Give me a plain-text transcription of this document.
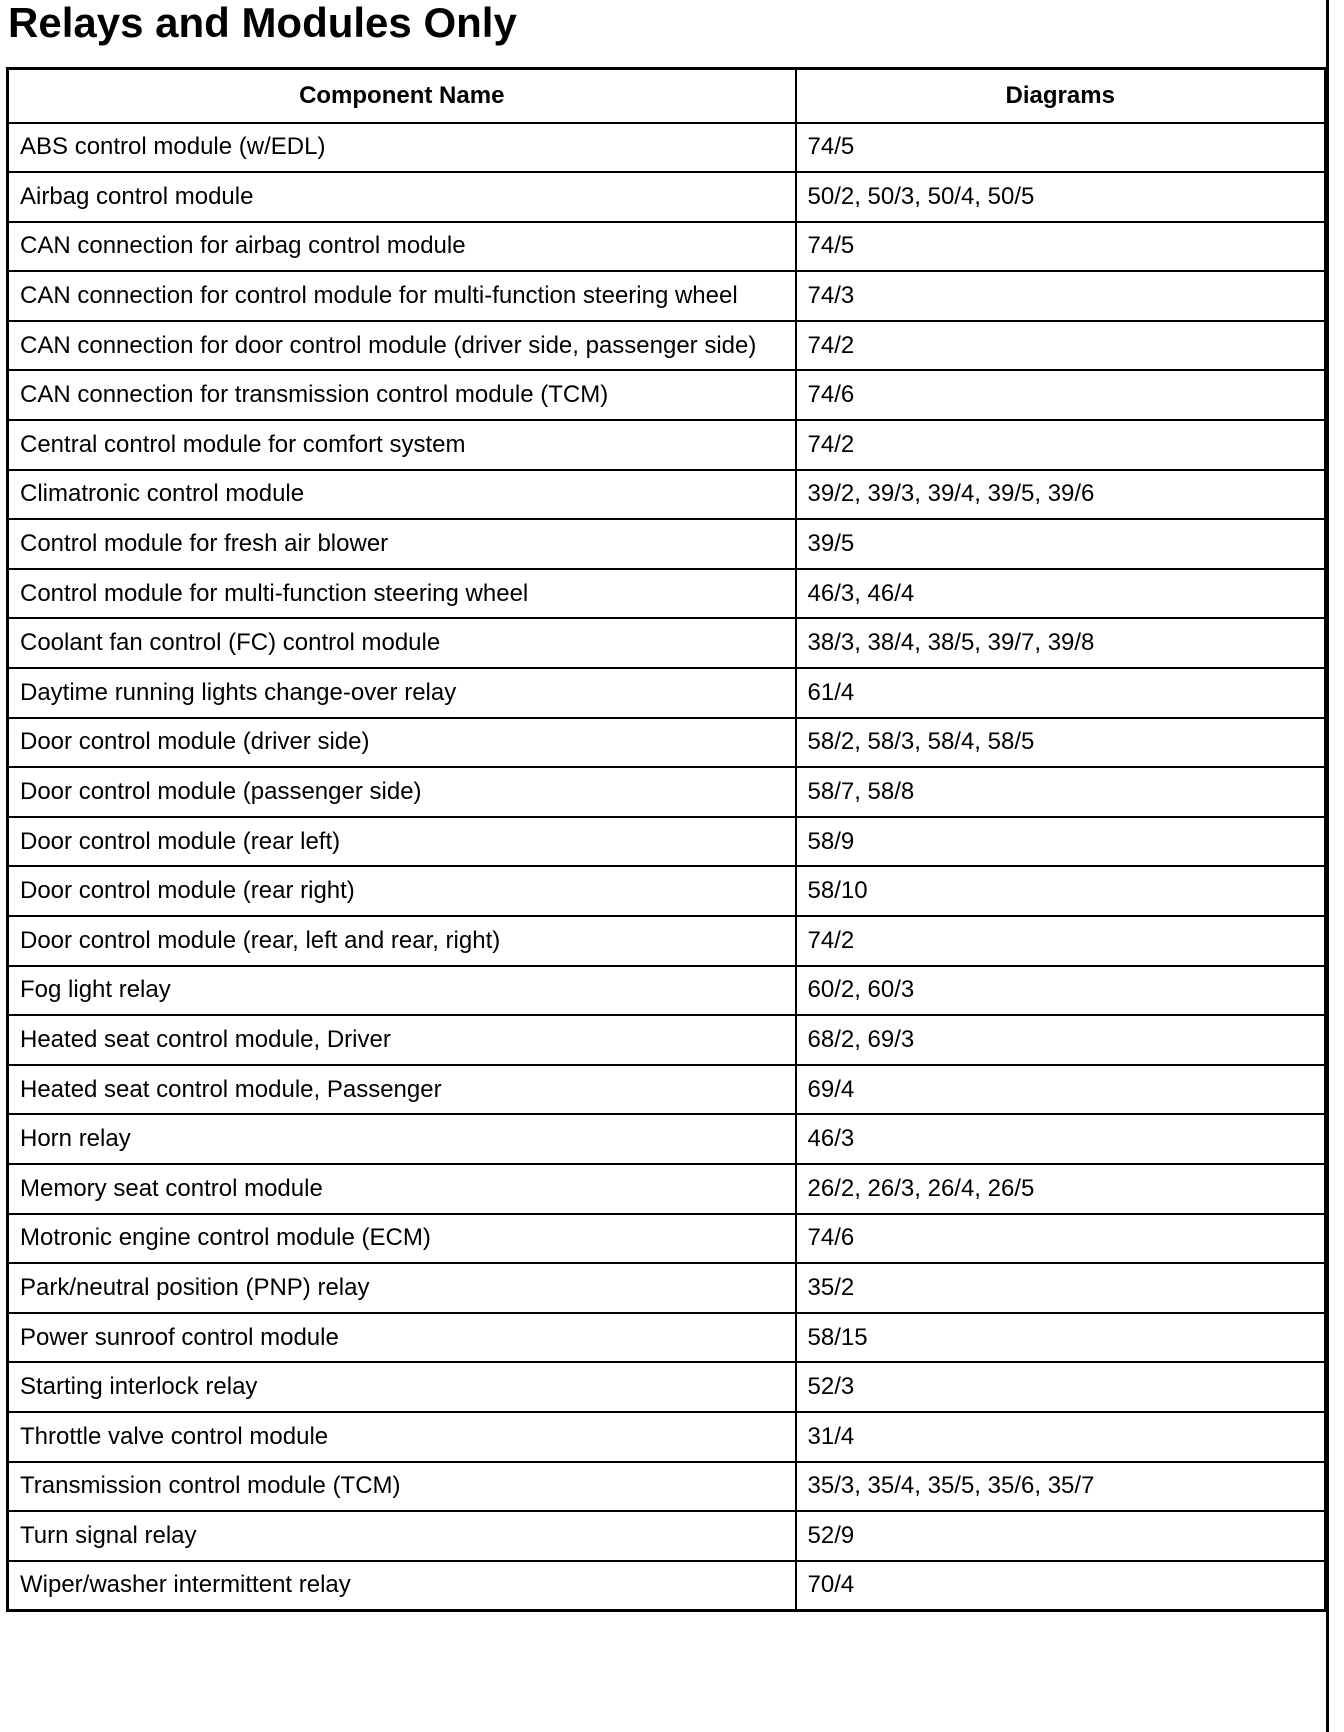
Relays and Modules Only
Component Name	Diagrams
ABS control module (w/EDL)	74/5
Airbag control module	50/2, 50/3, 50/4, 50/5
CAN connection for airbag control module	74/5
CAN connection for control module for multi-function steering wheel	74/3
CAN connection for door control module (driver side, passenger side)	74/2
CAN connection for transmission control module (TCM)	74/6
Central control module for comfort system	74/2
Climatronic control module	39/2, 39/3, 39/4, 39/5, 39/6
Control module for fresh air blower	39/5
Control module for multi-function steering wheel	46/3, 46/4
Coolant fan control (FC) control module	38/3, 38/4, 38/5, 39/7, 39/8
Daytime running lights change-over relay	61/4
Door control module (driver side)	58/2, 58/3, 58/4, 58/5
Door control module (passenger side)	58/7, 58/8
Door control module (rear left)	58/9
Door control module (rear right)	58/10
Door control module (rear, left and rear, right)	74/2
Fog light relay	60/2, 60/3
Heated seat control module, Driver	68/2, 69/3
Heated seat control module, Passenger	69/4
Horn relay	46/3
Memory seat control module	26/2, 26/3, 26/4, 26/5
Motronic engine control module (ECM)	74/6
Park/neutral position (PNP) relay	35/2
Power sunroof control module	58/15
Starting interlock relay	52/3
Throttle valve control module	31/4
Transmission control module (TCM)	35/3, 35/4, 35/5, 35/6, 35/7
Turn signal relay	52/9
Wiper/washer intermittent relay	70/4
